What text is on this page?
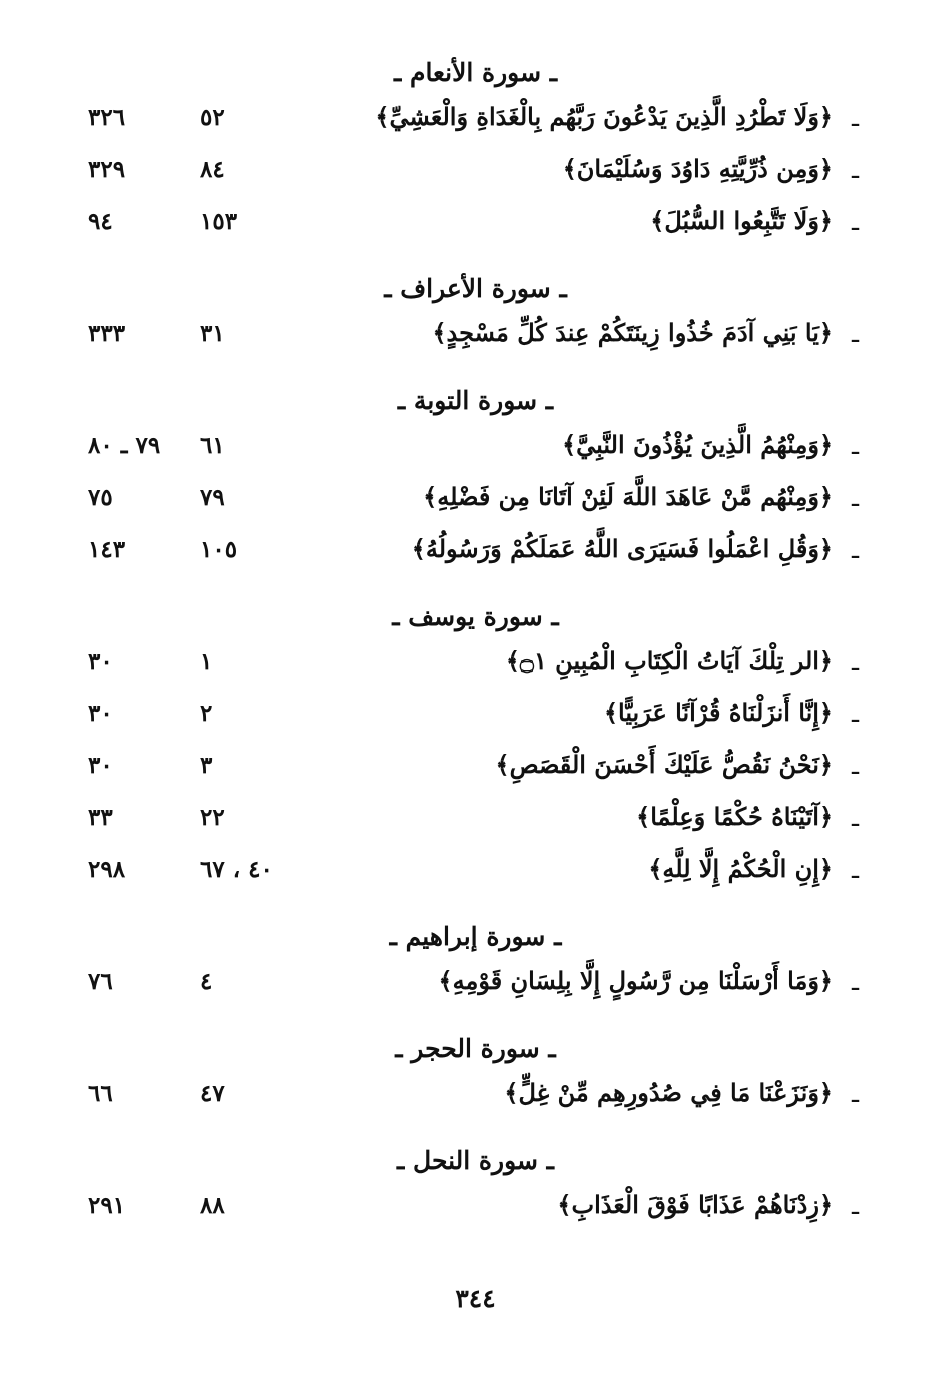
ـ سورة الأنعام ـ
ـ
﴿وَلَا تَطْرُدِ الَّذِينَ يَدْعُونَ رَبَّهُم بِالْغَدَاةِ وَالْعَشِيِّ﴾
٥٢
٣٢٦
ـ
﴿وَمِن ذُرِّيَّتِهِ دَاوُدَ وَسُلَيْمَانَ﴾
٨٤
٣٢٩
ـ
﴿وَلَا تَتَّبِعُوا السُّبُلَ﴾
١٥٣
٩٤
ـ سورة الأعراف ـ
ـ
﴿يَا بَنِي آدَمَ خُذُوا زِينَتَكُمْ عِندَ كُلِّ مَسْجِدٍ﴾
٣١
٣٣٣
ـ سورة التوبة ـ
ـ
﴿وَمِنْهُمُ الَّذِينَ يُؤْذُونَ النَّبِيَّ﴾
٦١
٧٩ ـ ٨٠
ـ
﴿وَمِنْهُم مَّنْ عَاهَدَ اللَّهَ لَئِنْ آتَانَا مِن فَضْلِهِ﴾
٧٩
٧٥
ـ
﴿وَقُلِ اعْمَلُوا فَسَيَرَى اللَّهُ عَمَلَكُمْ وَرَسُولُهُ﴾
١٠٥
١٤٣
ـ سورة يوسف ـ
ـ
﴿الر تِلْكَ آيَاتُ الْكِتَابِ الْمُبِينِ ۝١﴾
١
٣٠
ـ
﴿إِنَّا أَنزَلْنَاهُ قُرْآنًا عَرَبِيًّا﴾
٢
٣٠
ـ
﴿نَحْنُ نَقُصُّ عَلَيْكَ أَحْسَنَ الْقَصَصِ﴾
٣
٣٠
ـ
﴿آتَيْنَاهُ حُكْمًا وَعِلْمًا﴾
٢٢
٣٣
ـ
﴿إِنِ الْحُكْمُ إِلَّا لِلَّهِ﴾
٤٠ ، ٦٧
٢٩٨
ـ سورة إبراهيم ـ
ـ
﴿وَمَا أَرْسَلْنَا مِن رَّسُولٍ إِلَّا بِلِسَانِ قَوْمِهِ﴾
٤
٧٦
ـ سورة الحجر ـ
ـ
﴿وَنَزَعْنَا مَا فِي صُدُورِهِم مِّنْ غِلٍّ﴾
٤٧
٦٦
ـ سورة النحل ـ
ـ
﴿زِدْنَاهُمْ عَذَابًا فَوْقَ الْعَذَابِ﴾
٨٨
٢٩١
٣٤٤
